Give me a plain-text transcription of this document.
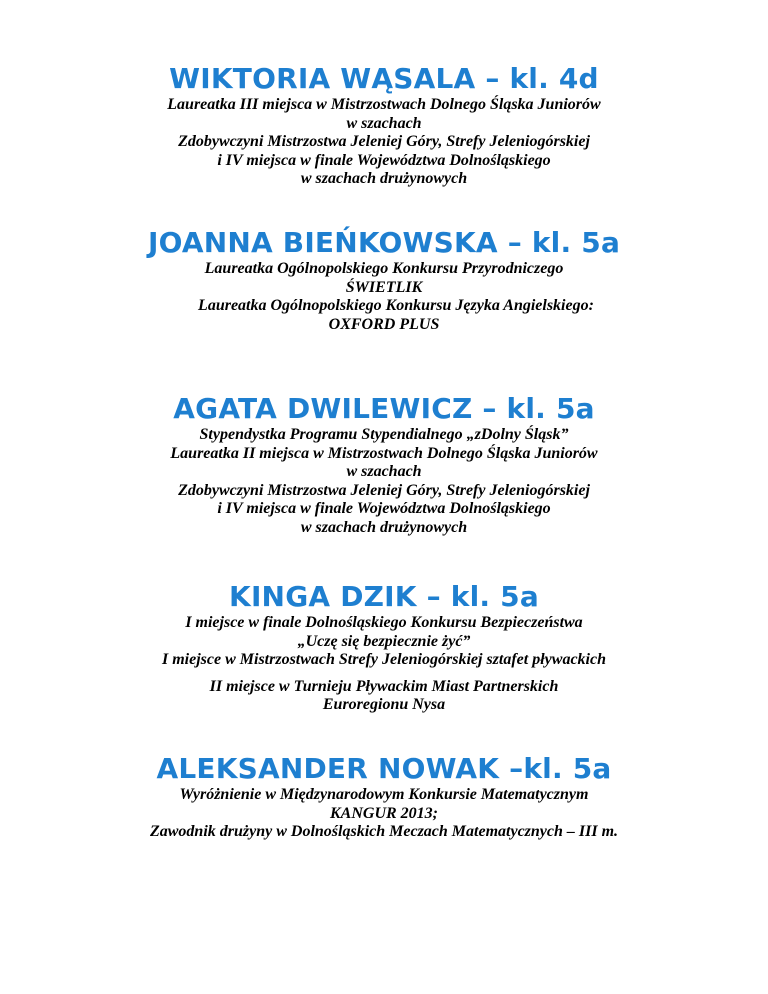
WIKTORIA WĄSALA – kl. 4d
Laureatka III miejsca w Mistrzostwach Dolnego Śląska Juniorów
w szachach
Zdobywczyni Mistrzostwa Jeleniej Góry, Strefy Jeleniogórskiej
i IV miejsca w finale Województwa Dolnośląskiego
w szachach drużynowych
JOANNA BIEŃKOWSKA – kl. 5a
Laureatka Ogólnopolskiego Konkursu Przyrodniczego
ŚWIETLIK
Laureatka Ogólnopolskiego Konkursu Języka Angielskiego:
OXFORD PLUS
AGATA DWILEWICZ – kl. 5a
Stypendystka Programu Stypendialnego „zDolny Śląsk”
Laureatka II miejsca w Mistrzostwach Dolnego Śląska Juniorów
w szachach
Zdobywczyni Mistrzostwa Jeleniej Góry, Strefy Jeleniogórskiej
i IV miejsca w finale Województwa Dolnośląskiego
w szachach drużynowych
KINGA DZIK – kl. 5a
I miejsce w finale Dolnośląskiego Konkursu Bezpieczeństwa
„Uczę się bezpiecznie żyć”
I miejsce w Mistrzostwach Strefy Jeleniogórskiej sztafet pływackich
II miejsce w Turnieju Pływackim Miast Partnerskich
Euroregionu Nysa
ALEKSANDER NOWAK –kl. 5a
Wyróżnienie w Międzynarodowym Konkursie Matematycznym
KANGUR 2013;
Zawodnik drużyny w Dolnośląskich Meczach Matematycznych – III m.
